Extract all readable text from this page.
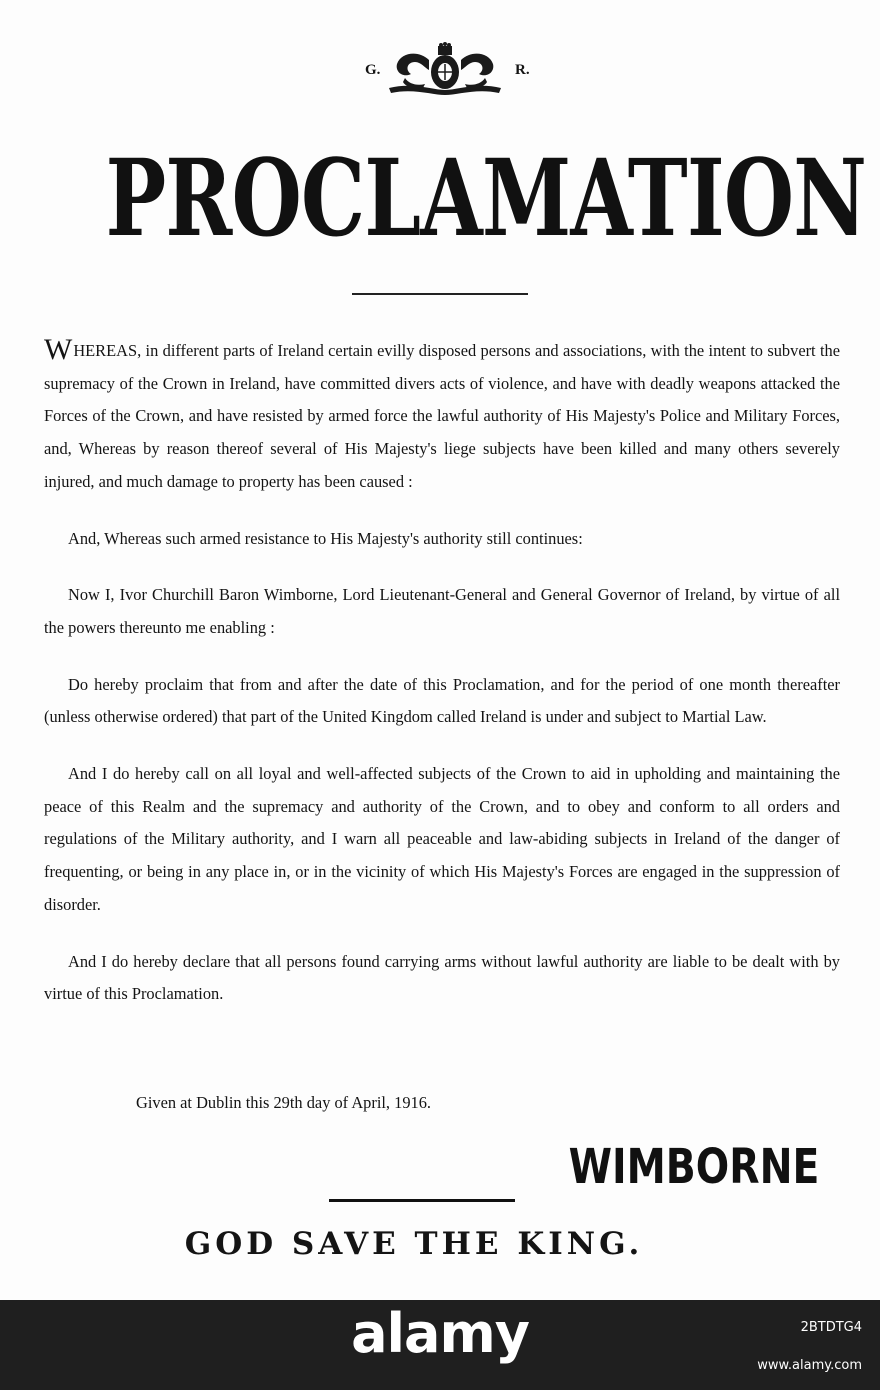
G.	R.
PROCLAMATION

WHEREAS, in different parts of Ireland certain evilly disposed persons and associations, with the intent to subvert the supremacy of the Crown in Ireland, have committed divers acts of violence, and have with deadly weapons attacked the Forces of the Crown, and have resisted by armed force the lawful authority of His Majesty's Police and Military Forces, and, Whereas by reason thereof several of His Majesty's liege subjects have been killed and many others severely injured, and much damage to property has been caused :

And, Whereas such armed resistance to His Majesty's authority still continues:

Now I, Ivor Churchill Baron Wimborne, Lord Lieutenant-General and General Governor of Ireland, by virtue of all the powers thereunto me enabling :

Do hereby proclaim that from and after the date of this Proclamation, and for the period of one month thereafter (unless otherwise ordered) that part of the United Kingdom called Ireland is under and subject to Martial Law.

And I do hereby call on all loyal and well-affected subjects of the Crown to aid in upholding and maintaining the peace of this Realm and the supremacy and authority of the Crown, and to obey and conform to all orders and regulations of the Military authority, and I warn all peaceable and law-abiding subjects in Ireland of the danger of frequenting, or being in any place in, or in the vicinity of which His Majesty's Forces are engaged in the suppression of disorder.

And I do hereby declare that all persons found carrying arms without lawful authority are liable to be dealt with by virtue of this Proclamation.

Given at Dublin this 29th day of April, 1916.
WIMBORNE
GOD SAVE THE KING.
alamy	2BTDTG4
www.alamy.com
